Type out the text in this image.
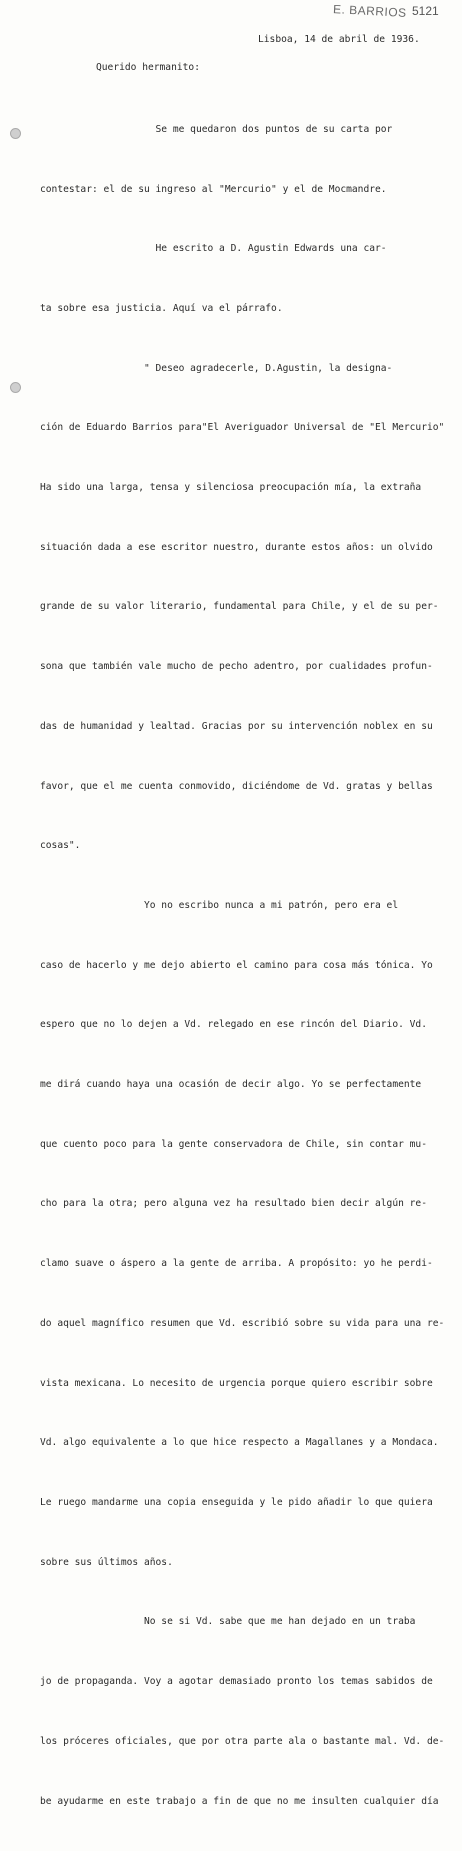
E. BARRIOS 5121
Lisboa, 14 de abril de 1936.
Querido hermanito:

Se me quedaron dos puntos de su carta por

contestar: el de su ingreso al "Mercurio" y el de Mocmandre.

He escrito a D. Agustin Edwards una car-

ta sobre esa justicia. Aquí va el párrafo.

" Deseo agradecerle, D.Agustin, la designa-

ción de Eduardo Barrios para"El Averiguador Universal de "El Mercurio"

Ha sido una larga, tensa y silenciosa preocupación mía, la extraña

situación dada a ese escritor nuestro, durante estos años: un olvido

grande de su valor literario, fundamental para Chile, y el de su per-

sona que también vale mucho de pecho adentro, por cualidades profun-

das de humanidad y lealtad. Gracias por su intervención noblex en su

favor, que el me cuenta conmovido, diciéndome de Vd. gratas y bellas

cosas".

Yo no escribo nunca a mi patrón, pero era el

caso de hacerlo y me dejo abierto el camino para cosa más tónica. Yo

espero que no lo dejen a Vd. relegado en ese rincón del Diario. Vd.

me dirá cuando haya una ocasión de decir algo. Yo se perfectamente

que cuento poco para la gente conservadora de Chile, sin contar mu-

cho para la otra; pero alguna vez ha resultado bien decir algún re-

clamo suave o áspero a la gente de arriba. A propósito: yo he perdi-

do aquel magnífico resumen que Vd. escribió sobre su vida para una re-

vista mexicana. Lo necesito de urgencia porque quiero escribir sobre

Vd. algo equivalente a lo que hice respecto a Magallanes y a Mondaca.

Le ruego mandarme una copia enseguida y le pido añadir lo que quiera

sobre sus últimos años.

No se si Vd. sabe que me han dejado en un traba

jo de propaganda. Voy a agotar demasiado pronto los temas sabidos de

los próceres oficiales, que por otra parte ala o bastante mal. Vd. de-

be ayudarme en este trabajo a fin de que no me insulten cualquier día
